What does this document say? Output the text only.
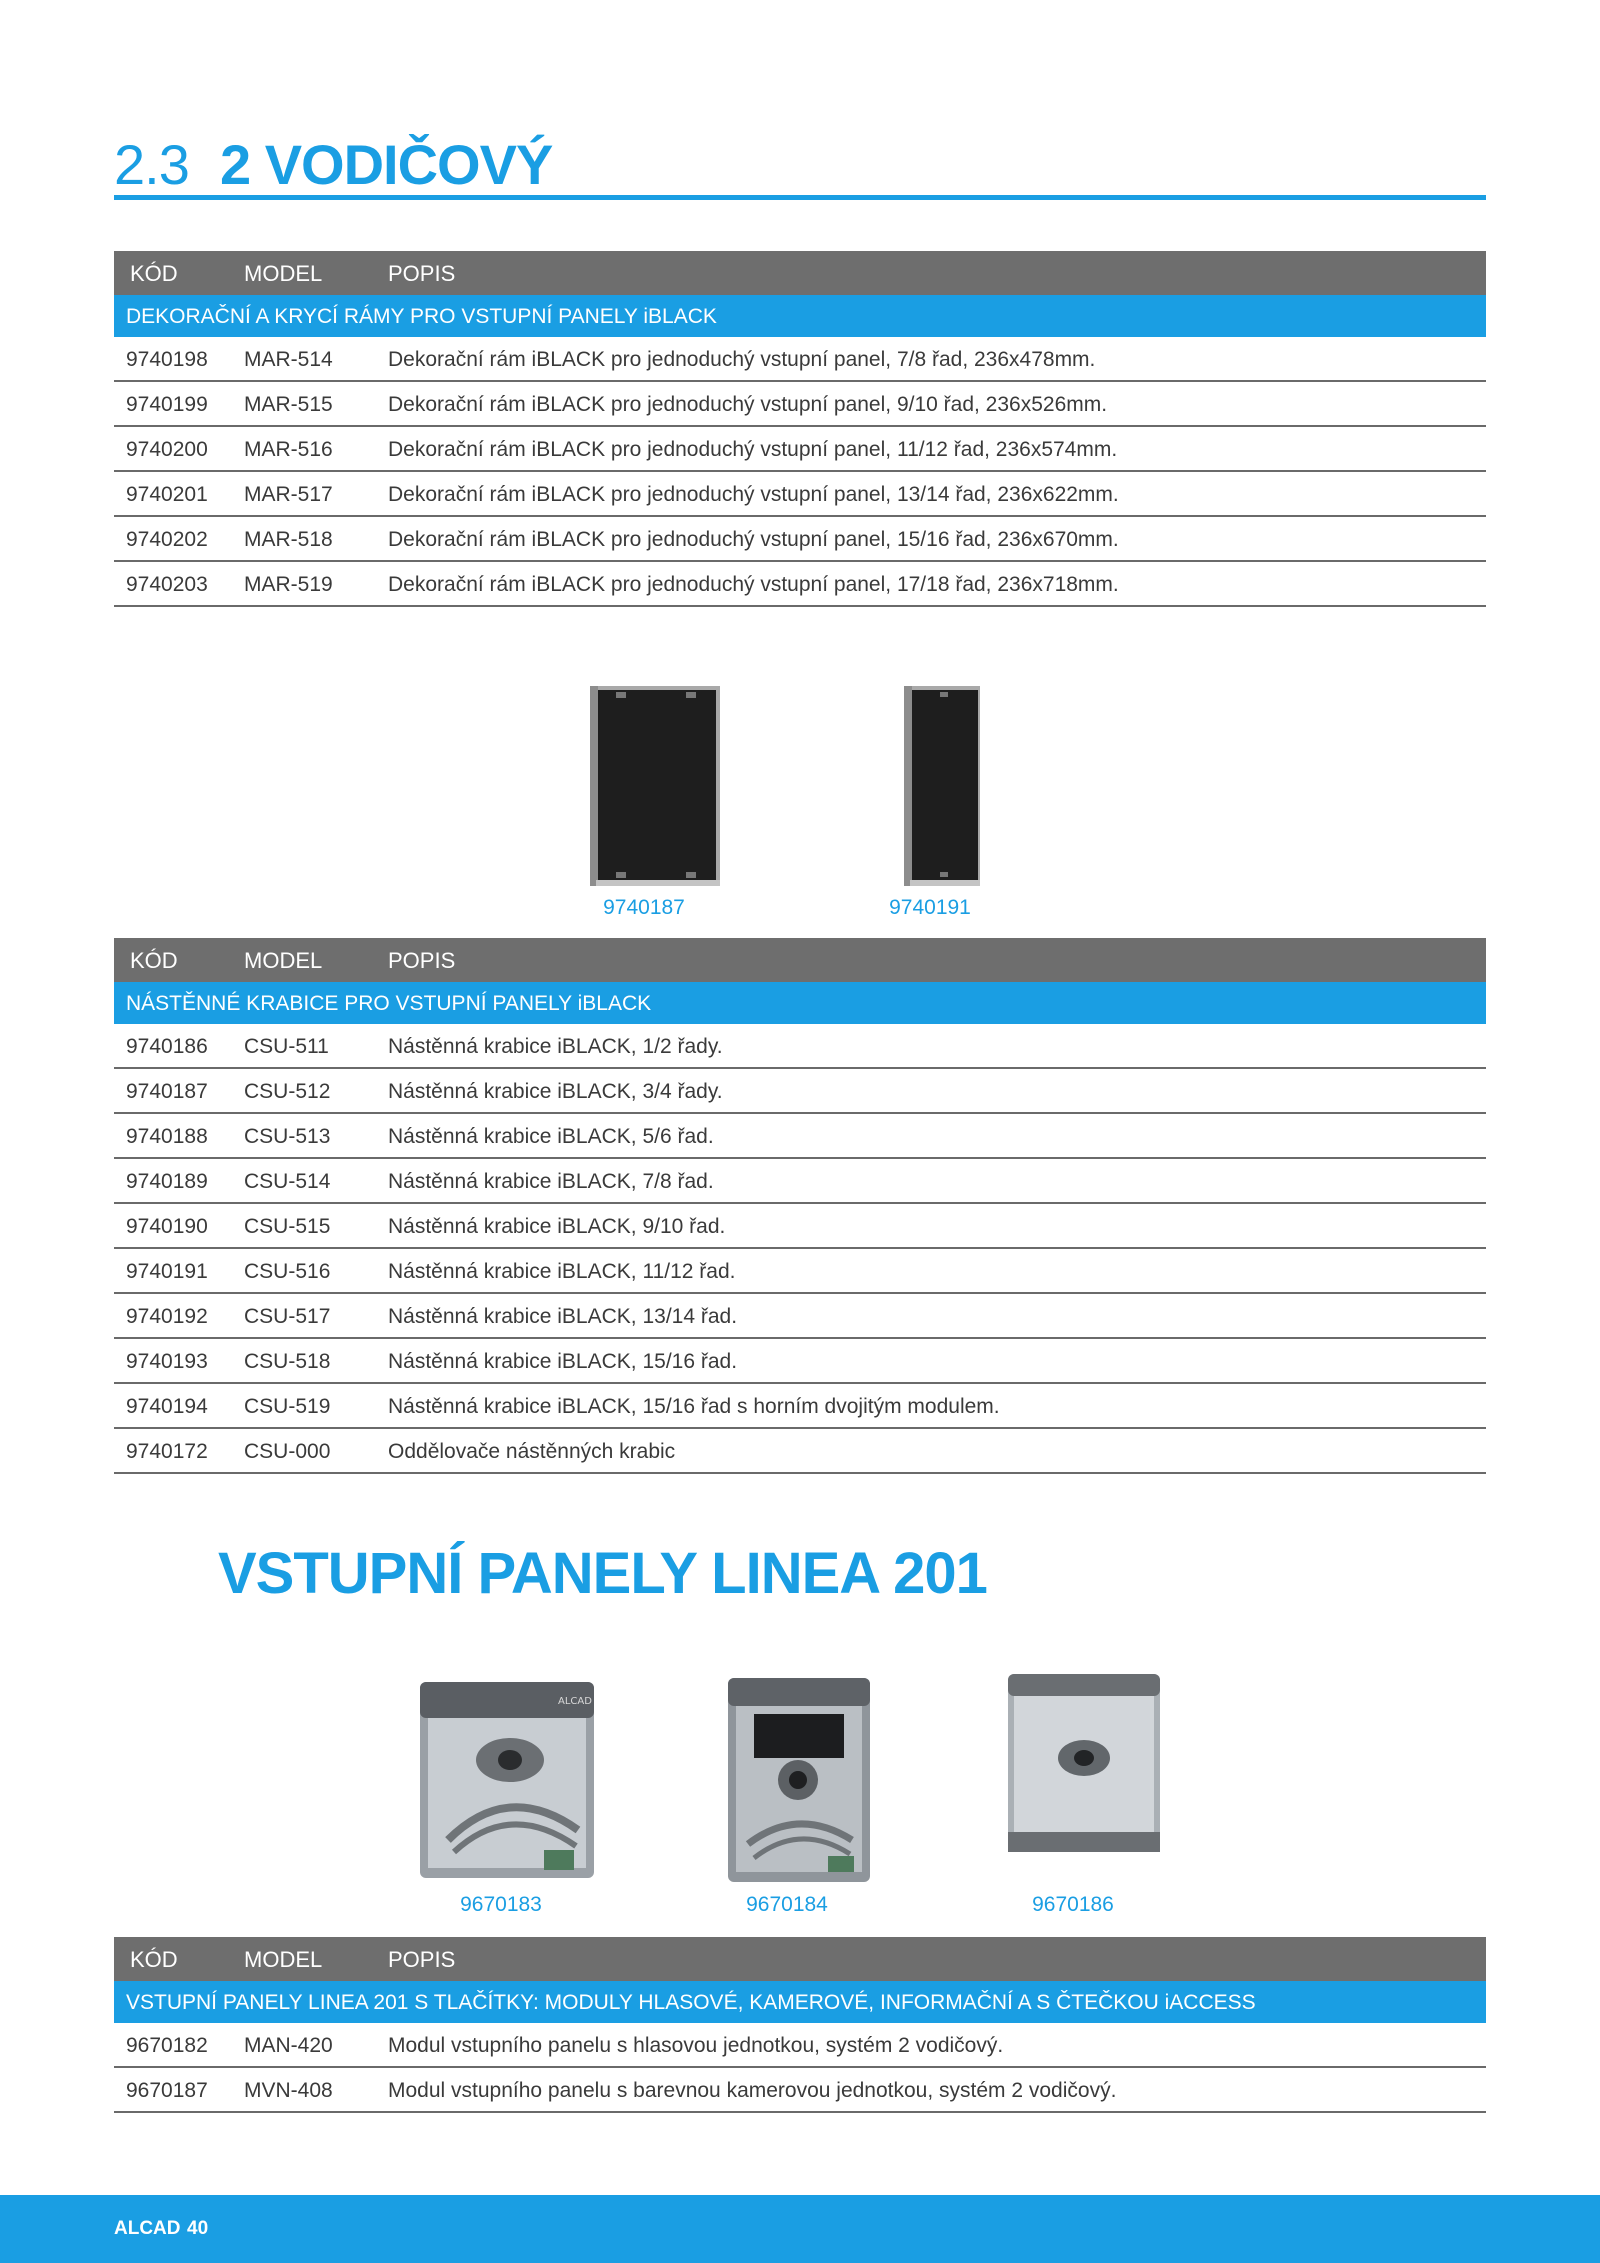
2.3 2 VODIČOVÝ
KÓD	MODEL	POPIS
DEKORAČNÍ A KRYCÍ RÁMY PRO VSTUPNÍ PANELY iBLACK
9740198 MAR-514	Dekorační rám iBLACK pro jednoduchý vstupní panel, 7/8 řad, 236x478mm.
9740199 MAR-515	Dekorační rám iBLACK pro jednoduchý vstupní panel, 9/10 řad, 236x526mm.
9740200 MAR-516	Dekorační rám iBLACK pro jednoduchý vstupní panel, 11/12 řad, 236x574mm.
9740201 MAR-517	Dekorační rám iBLACK pro jednoduchý vstupní panel, 13/14 řad, 236x622mm.
9740202 MAR-518	Dekorační rám iBLACK pro jednoduchý vstupní panel, 15/16 řad, 236x670mm.
9740203 MAR-519	Dekorační rám iBLACK pro jednoduchý vstupní panel, 17/18 řad, 236x718mm.
9740187	9740191
KÓD	MODEL	POPIS
NÁSTĚNNÉ KRABICE PRO VSTUPNÍ PANELY iBLACK
9740186 CSU-511	Nástěnná krabice iBLACK, 1/2 řady.
9740187 CSU-512	Nástěnná krabice iBLACK, 3/4 řady.
9740188 CSU-513	Nástěnná krabice iBLACK, 5/6 řad.
9740189 CSU-514	Nástěnná krabice iBLACK, 7/8 řad.
9740190 CSU-515	Nástěnná krabice iBLACK, 9/10 řad.
9740191 CSU-516	Nástěnná krabice iBLACK, 11/12 řad.
9740192 CSU-517	Nástěnná krabice iBLACK, 13/14 řad.
9740193 CSU-518	Nástěnná krabice iBLACK, 15/16 řad.
9740194 CSU-519	Nástěnná krabice iBLACK, 15/16 řad s horním dvojitým modulem.
9740172 CSU-000	Oddělovače nástěnných krabic
VSTUPNÍ PANELY LINEA 201
ALCAD
9670183	9670184	9670186
KÓD	MODEL	POPIS
VSTUPNÍ PANELY LINEA 201 S TLAČÍTKY: MODULY HLASOVÉ, KAMEROVÉ, INFORMAČNÍ A S ČTEČKOU iACCESS
9670182 MAN-420	Modul vstupního panelu s hlasovou jednotkou, systém 2 vodičový.
9670187 MVN-408	Modul vstupního panelu s barevnou kamerovou jednotkou, systém 2 vodičový.
ALCAD 40
